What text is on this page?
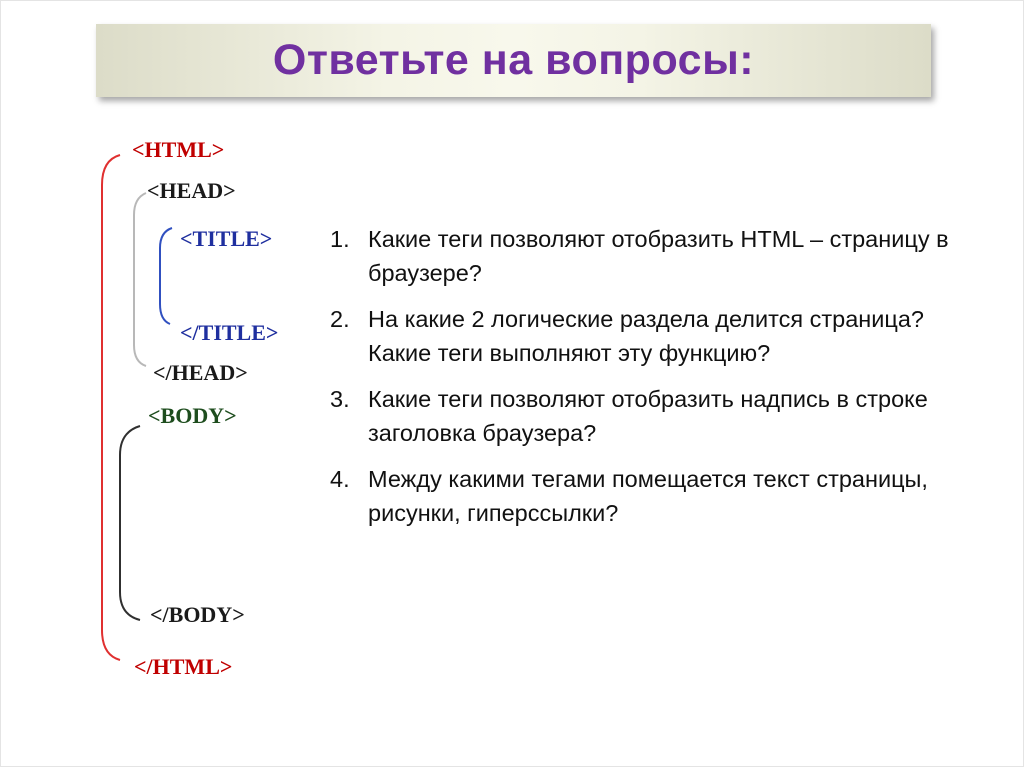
Ответьте на вопросы:
<HTML>
<HEAD>
<TITLE>
</TITLE>
</HEAD>
<BODY>
</BODY>
</HTML>
1. Какие теги позволяют отобразить HTML – страницу в браузере?
2. На какие 2 логические раздела делится страница? Какие теги выполняют эту функцию?
3. Какие теги позволяют отобразить надпись в строке заголовка браузера?
4. Между какими тегами помещается текст страницы, рисунки, гиперссылки?
